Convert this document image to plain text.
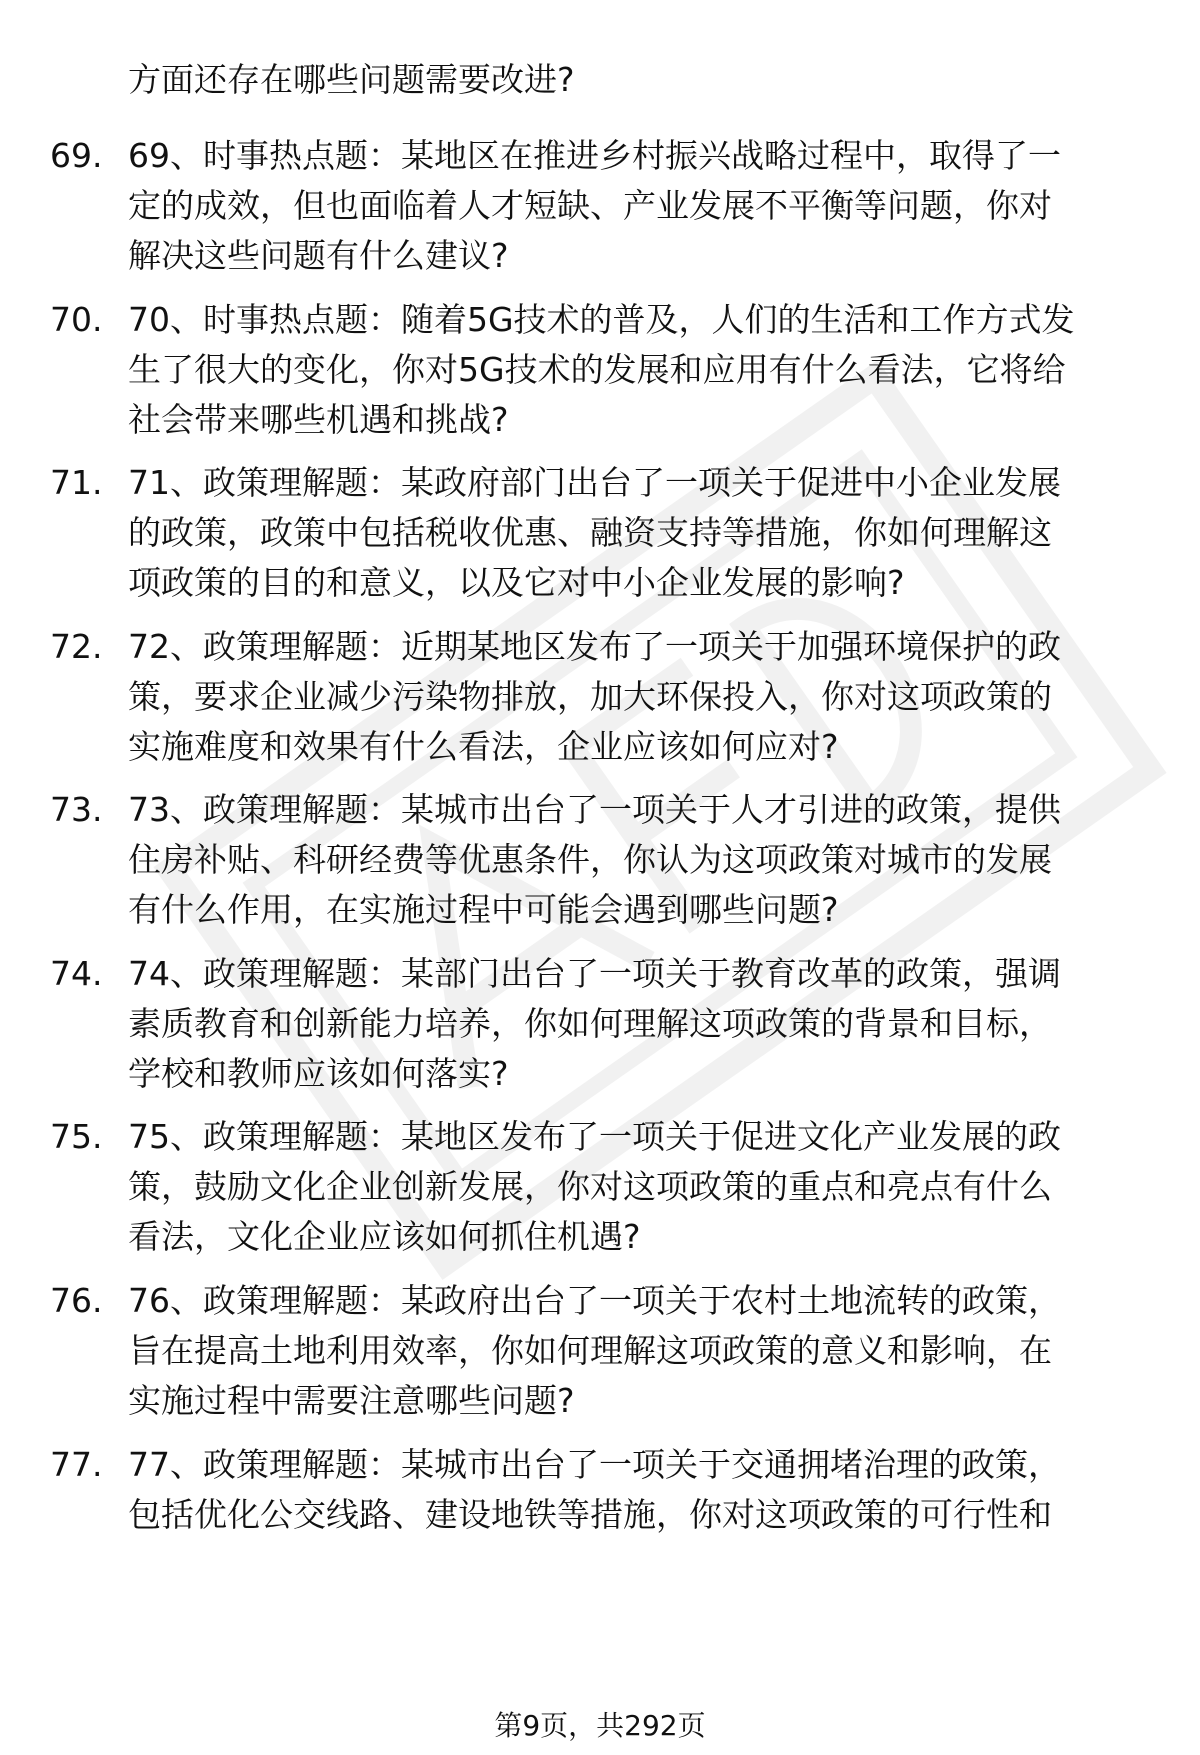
方面还存在哪些问题需要改进?
69. 69、时事热点题：某地区在推进乡村振兴战略过程中，取得了一
定的成效，但也面临着人才短缺、产业发展不平衡等问题，你对
解决这些问题有什么建议?
70. 70、时事热点题：随着5G技术的普及，人们的生活和工作方式发
生了很大的变化，你对5G技术的发展和应用有什么看法，它将给
社会带来哪些机遇和挑战?
71. 71、政策理解题：某政府部门出台了一项关于促进中小企业发展
的政策，政策中包括税收优惠、融资支持等措施，你如何理解这
项政策的目的和意义，以及它对中小企业发展的影响?
72. 72、政策理解题：近期某地区发布了一项关于加强环境保护的政
策，要求企业减少污染物排放，加大环保投入，你对这项政策的
实施难度和效果有什么看法，企业应该如何应对?
73. 73、政策理解题：某城市出台了一项关于人才引进的政策，提供
住房补贴、科研经费等优惠条件，你认为这项政策对城市的发展
有什么作用，在实施过程中可能会遇到哪些问题?
74. 74、政策理解题：某部门出台了一项关于教育改革的政策，强调
素质教育和创新能力培养，你如何理解这项政策的背景和目标，
学校和教师应该如何落实?
75. 75、政策理解题：某地区发布了一项关于促进文化产业发展的政
策，鼓励文化企业创新发展，你对这项政策的重点和亮点有什么
看法，文化企业应该如何抓住机遇?
76. 76、政策理解题：某政府出台了一项关于农村土地流转的政策，
旨在提高土地利用效率，你如何理解这项政策的意义和影响，在
实施过程中需要注意哪些问题?
77. 77、政策理解题：某城市出台了一项关于交通拥堵治理的政策，
包括优化公交线路、建设地铁等措施，你对这项政策的可行性和
第9页，共292页
